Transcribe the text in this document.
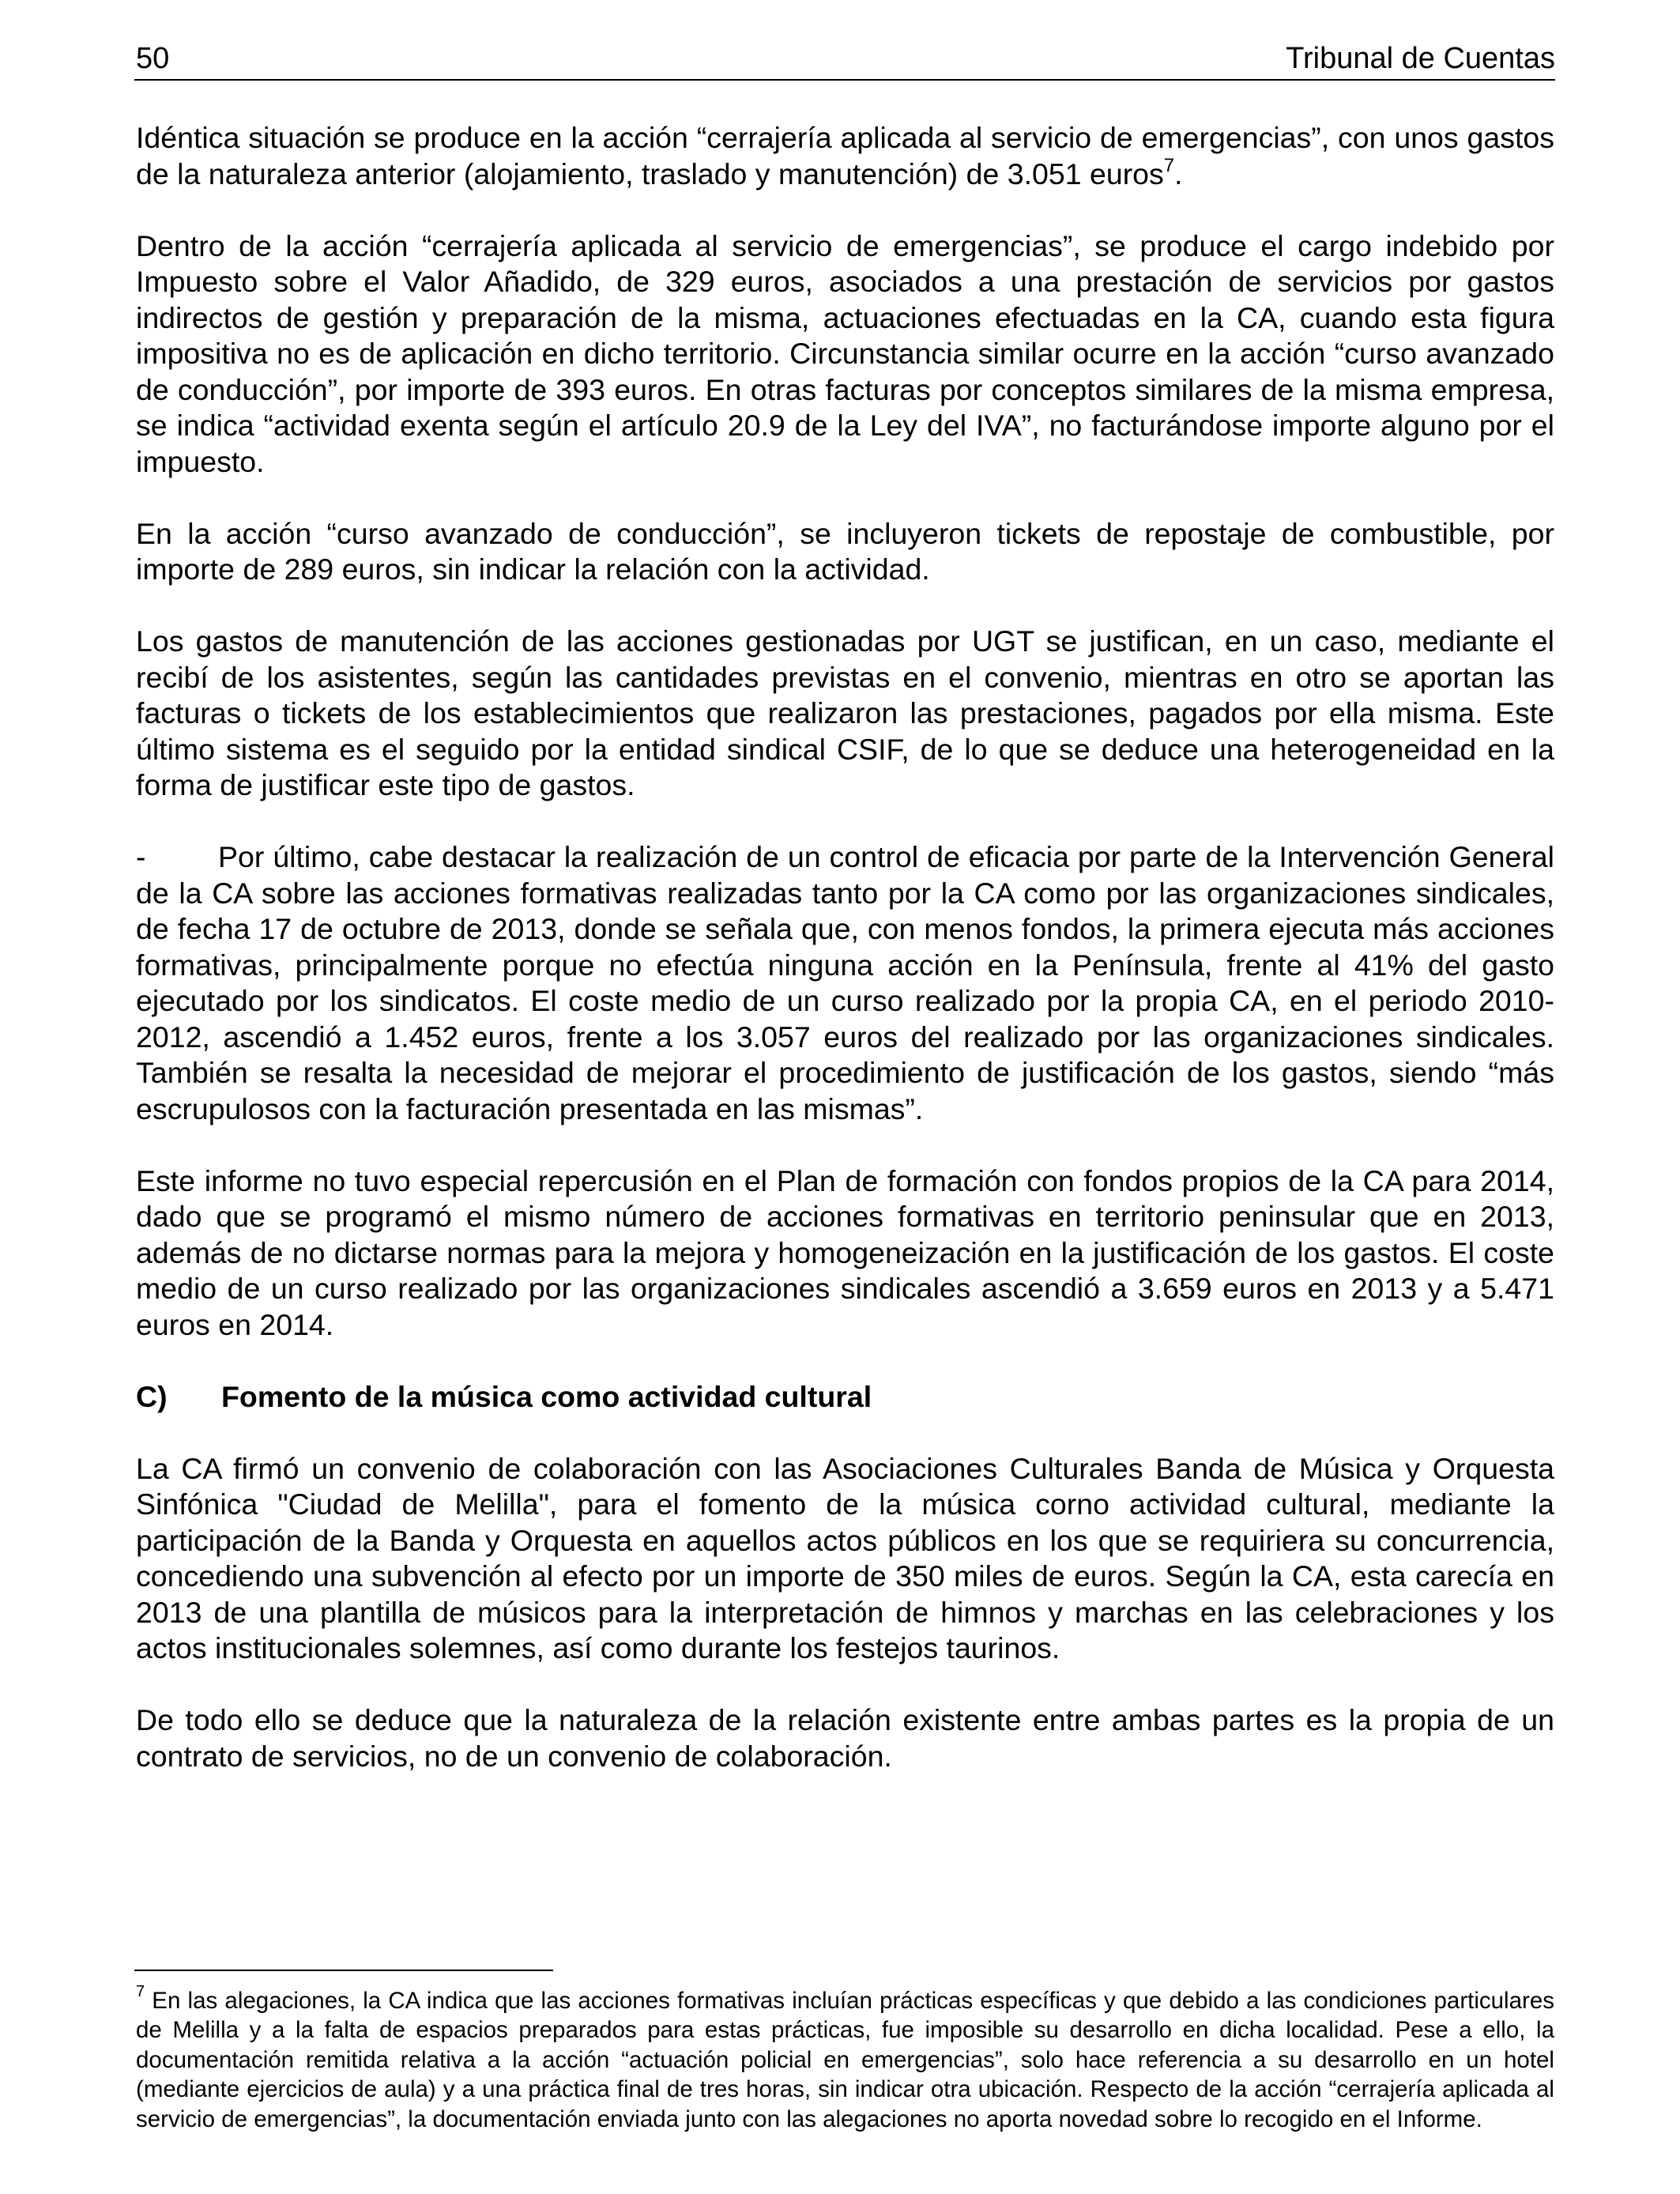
50	Tribunal de Cuentas

Idéntica situación se produce en la acción “cerrajería aplicada al servicio de emergencias”, con unos gastos de la naturaleza anterior (alojamiento, traslado y manutención) de 3.051 euros$^7$.

Dentro de la acción “cerrajería aplicada al servicio de emergencias”, se produce el cargo indebido por Impuesto sobre el Valor Añadido, de 329 euros, asociados a una prestación de servicios por gastos indirectos de gestión y preparación de la misma, actuaciones efectuadas en la CA, cuando esta figura impositiva no es de aplicación en dicho territorio. Circunstancia similar ocurre en la acción “curso avanzado de conducción”, por importe de 393 euros. En otras facturas por conceptos similares de la misma empresa, se indica “actividad exenta según el artículo 20.9 de la Ley del IVA”, no facturándose importe alguno por el impuesto.

En la acción “curso avanzado de conducción”, se incluyeron tickets de repostaje de combustible, por importe de 289 euros, sin indicar la relación con la actividad.

Los gastos de manutención de las acciones gestionadas por UGT se justifican, en un caso, mediante el recibí de los asistentes, según las cantidades previstas en el convenio, mientras en otro se aportan las facturas o tickets de los establecimientos que realizaron las prestaciones, pagados por ella misma. Este último sistema es el seguido por la entidad sindical CSIF, de lo que se deduce una heterogeneidad en la forma de justificar este tipo de gastos.

- Por último, cabe destacar la realización de un control de eficacia por parte de la Intervención General de la CA sobre las acciones formativas realizadas tanto por la CA como por las organizaciones sindicales, de fecha 17 de octubre de 2013, donde se señala que, con menos fondos, la primera ejecuta más acciones formativas, principalmente porque no efectúa ninguna acción en la Península, frente al 41% del gasto ejecutado por los sindicatos. El coste medio de un curso realizado por la propia CA, en el periodo 2010-2012, ascendió a 1.452 euros, frente a los 3.057 euros del realizado por las organizaciones sindicales. También se resalta la necesidad de mejorar el procedimiento de justificación de los gastos, siendo “más escrupulosos con la facturación presentada en las mismas”.

Este informe no tuvo especial repercusión en el Plan de formación con fondos propios de la CA para 2014, dado que se programó el mismo número de acciones formativas en territorio peninsular que en 2013, además de no dictarse normas para la mejora y homogeneización en la justificación de los gastos. El coste medio de un curso realizado por las organizaciones sindicales ascendió a 3.659 euros en 2013 y a 5.471 euros en 2014.

C) Fomento de la música como actividad cultural

La CA firmó un convenio de colaboración con las Asociaciones Culturales Banda de Música y Orquesta Sinfónica "Ciudad de Melilla", para el fomento de la música corno actividad cultural, mediante la participación de la Banda y Orquesta en aquellos actos públicos en los que se requiriera su concurrencia, concediendo una subvención al efecto por un importe de 350 miles de euros. Según la CA, esta carecía en 2013 de una plantilla de músicos para la interpretación de himnos y marchas en las celebraciones y los actos institucionales solemnes, así como durante los festejos taurinos.

De todo ello se deduce que la naturaleza de la relación existente entre ambas partes es la propia de un contrato de servicios, no de un convenio de colaboración.

$^7$ En las alegaciones, la CA indica que las acciones formativas incluían prácticas específicas y que debido a las condiciones particulares de Melilla y a la falta de espacios preparados para estas prácticas, fue imposible su desarrollo en dicha localidad. Pese a ello, la documentación remitida relativa a la acción “actuación policial en emergencias”, solo hace referencia a su desarrollo en un hotel (mediante ejercicios de aula) y a una práctica final de tres horas, sin indicar otra ubicación. Respecto de la acción “cerrajería aplicada al servicio de emergencias”, la documentación enviada junto con las alegaciones no aporta novedad sobre lo recogido en el Informe.
